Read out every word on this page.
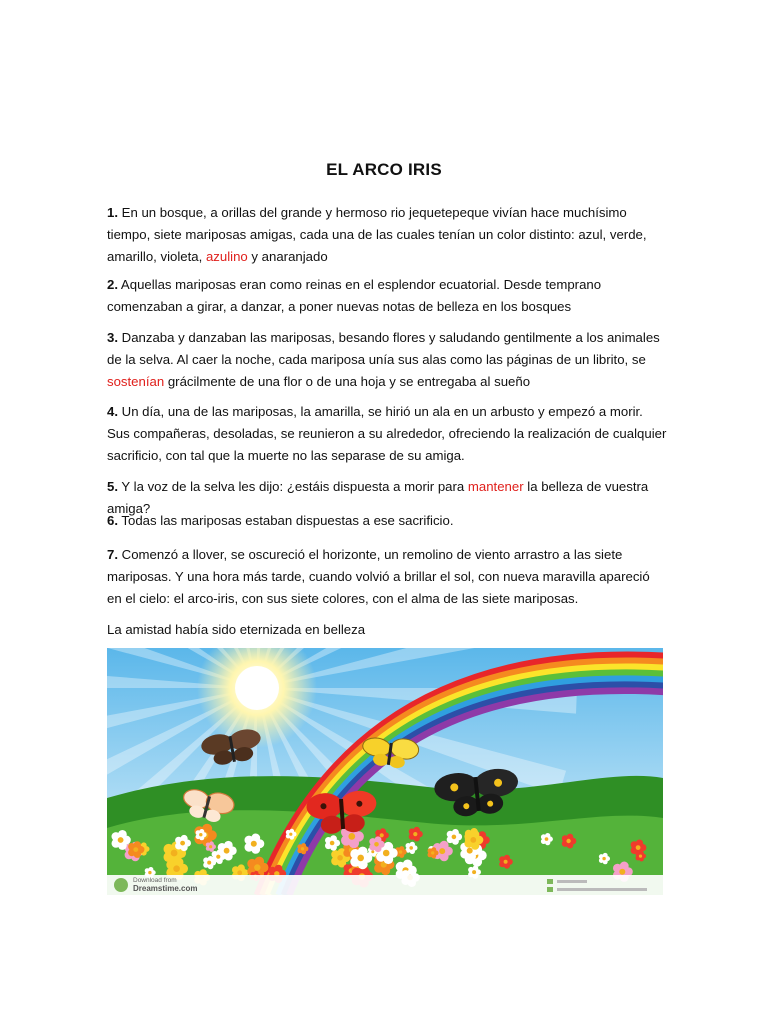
EL ARCO IRIS
1. En un bosque, a orillas del grande y hermoso rio jequetepeque vivían hace muchísimo tiempo, siete mariposas amigas, cada una de las cuales tenían un color distinto: azul, verde, amarillo, violeta, azulino y anaranjado
2. Aquellas mariposas eran como reinas en el esplendor ecuatorial. Desde temprano comenzaban a girar, a danzar, a poner nuevas notas de belleza en los bosques
3. Danzaba y danzaban las mariposas, besando flores y saludando gentilmente a los animales de la selva. Al caer la noche, cada mariposa unía sus alas como las páginas de un librito, se sostenían grácilmente de una flor o de una hoja y se entregaba al sueño
4. Un día, una de las mariposas, la amarilla, se hirió un ala en un arbusto y empezó a morir. Sus compañeras, desoladas, se reunieron a su alrededor, ofreciendo la realización de cualquier sacrificio, con tal que la muerte no las separase de su amiga.
5. Y la voz de la selva les dijo: ¿estáis dispuesta a morir para mantener la belleza de vuestra amiga?
6. Todas las mariposas estaban dispuestas a ese sacrificio.
7. Comenzó a llover, se oscureció el horizonte, un remolino de viento arrastro a las siete mariposas. Y una hora más tarde, cuando volvió a brillar el sol, con nueva maravilla apareció en el cielo: el arco-iris, con sus siete colores, con el alma de las siete mariposas.
La amistad había sido eternizada en belleza
Download from
Dreamstime.com
